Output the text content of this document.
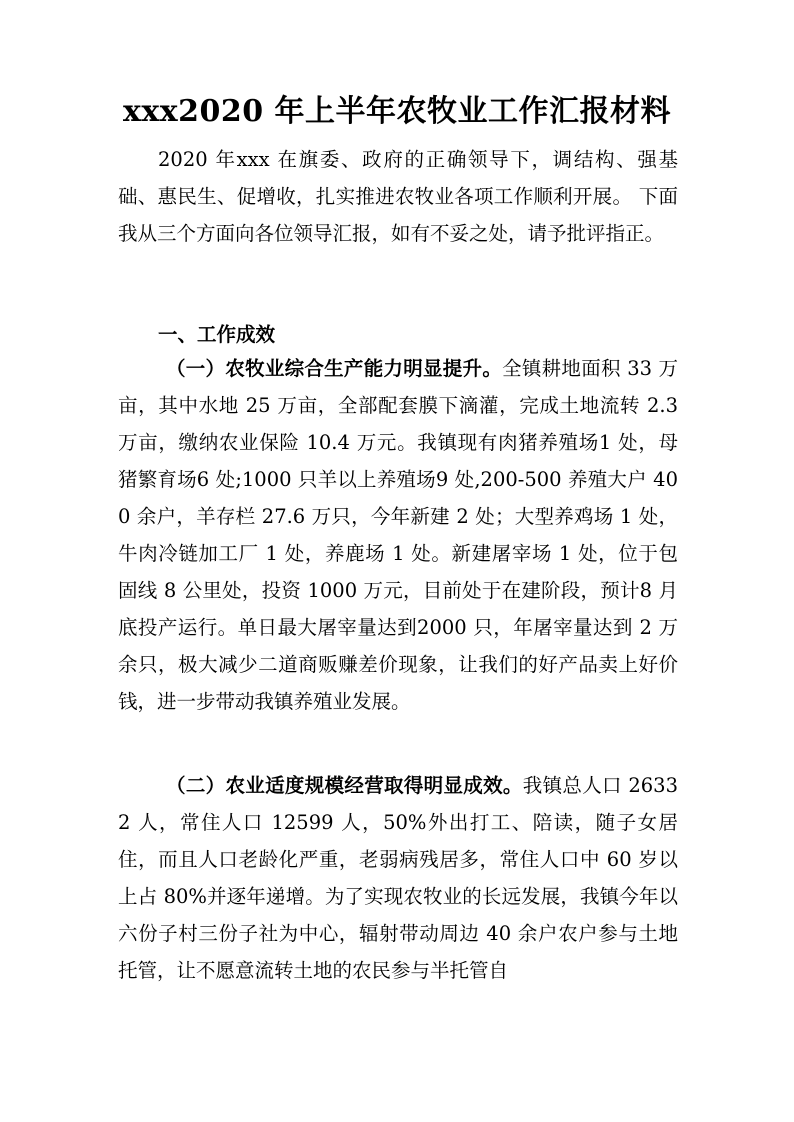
xxx2020 年上半年农牧业工作汇报材料
2020 年xxx 在旗委、政府的正确领导下，调结构、强基础、惠民生、促增收，扎实推进农牧业各项工作顺利开展。 下面我从三个方面向各位领导汇报，如有不妥之处，请予批评指正。
一、工作成效
（一）农牧业综合生产能力明显提升。全镇耕地面积 33 万亩，其中水地 25 万亩，全部配套膜下滴灌，完成土地流转 2.3 万亩，缴纳农业保险 10.4 万元。我镇现有肉猪养殖场1 处，母猪繁育场6 处;1000 只羊以上养殖场9 处,200-500 养殖大户 400 余户，羊存栏 27.6 万只，今年新建 2 处；大型养鸡场 1 处，牛肉冷链加工厂 1 处，养鹿场 1 处。新建屠宰场 1 处，位于包固线 8 公里处，投资 1000 万元，目前处于在建阶段，预计8 月底投产运行。单日最大屠宰量达到2000 只，年屠宰量达到 2 万余只，极大减少二道商贩赚差价现象，让我们的好产品卖上好价钱，进一步带动我镇养殖业发展。
（二）农业适度规模经营取得明显成效。我镇总人口 26332 人，常住人口 12599 人，50%外出打工、陪读，随子女居住，而且人口老龄化严重，老弱病残居多，常住人口中 60 岁以上占 80%并逐年递增。为了实现农牧业的长远发展，我镇今年以六份子村三份子社为中心，辐射带动周边 40 余户农户参与土地托管，让不愿意流转土地的农民参与半托管自
